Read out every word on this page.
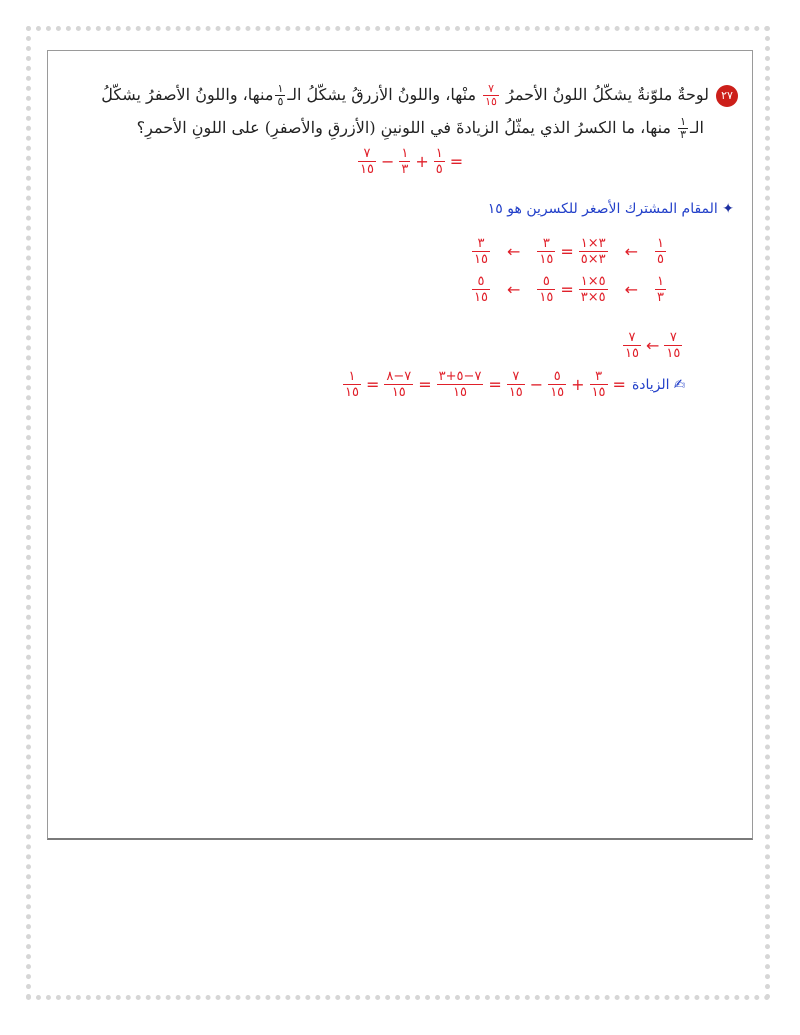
٢٧لوحةٌ ملوّنةٌ يشكّلُ اللونُ الأحمرُ
٧
١٥
منْها، واللونُ الأزرقُ يشكّلُ الـ
١
٥
منها، واللونُ الأصفرُ يشكّلُ
الـ
١
٣
منها، ما الكسرُ الذي يمثّلُ الزيادةَ في اللونينِ (الأزرقِ والأصفرِ) على اللونِ الأحمرِ؟
٧
١٥ − ١
٣ + ١
٥ =
✦ المقام المشترك الأصغر للكسرين هو ١٥
٣
١٥ ←	٣
١٥ = ٣×١
٣×٥ ← ١
٥
٥
١٥ ←	٥
١٥ = ٥×١
٥×٣ ← ١
٣
٧
١٥ ← ٧
١٥
١
١٥ = ٧−٨
١٥ = ٧−٥+٣
١٥	= ٧
١٥ − ٥
١٥ + ٣
١٥ = الزيادة ✍
